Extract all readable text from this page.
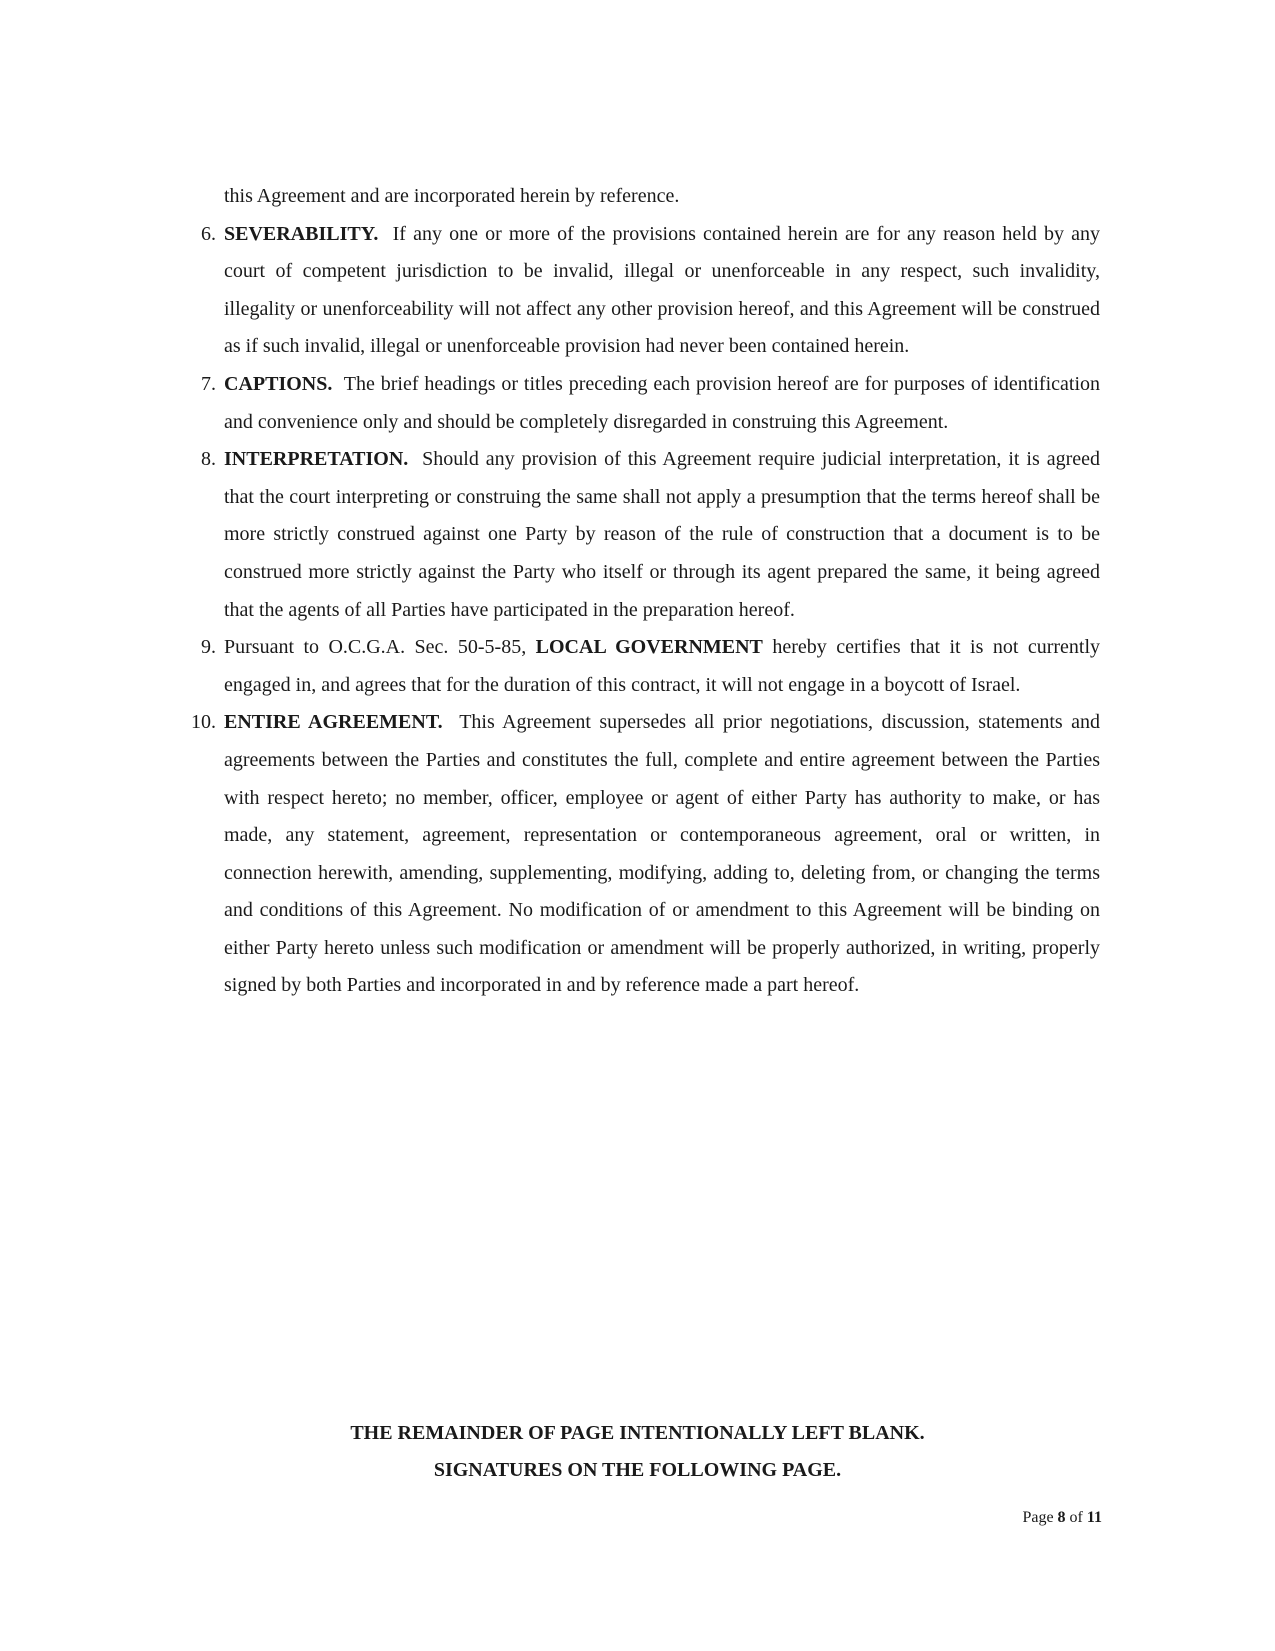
this Agreement and are incorporated herein by reference.
6. SEVERABILITY. If any one or more of the provisions contained herein are for any reason held by any court of competent jurisdiction to be invalid, illegal or unenforceable in any respect, such invalidity, illegality or unenforceability will not affect any other provision hereof, and this Agreement will be construed as if such invalid, illegal or unenforceable provision had never been contained herein.
7. CAPTIONS. The brief headings or titles preceding each provision hereof are for purposes of identification and convenience only and should be completely disregarded in construing this Agreement.
8. INTERPRETATION. Should any provision of this Agreement require judicial interpretation, it is agreed that the court interpreting or construing the same shall not apply a presumption that the terms hereof shall be more strictly construed against one Party by reason of the rule of construction that a document is to be construed more strictly against the Party who itself or through its agent prepared the same, it being agreed that the agents of all Parties have participated in the preparation hereof.
9. Pursuant to O.C.G.A. Sec. 50-5-85, LOCAL GOVERNMENT hereby certifies that it is not currently engaged in, and agrees that for the duration of this contract, it will not engage in a boycott of Israel.
10. ENTIRE AGREEMENT. This Agreement supersedes all prior negotiations, discussion, statements and agreements between the Parties and constitutes the full, complete and entire agreement between the Parties with respect hereto; no member, officer, employee or agent of either Party has authority to make, or has made, any statement, agreement, representation or contemporaneous agreement, oral or written, in connection herewith, amending, supplementing, modifying, adding to, deleting from, or changing the terms and conditions of this Agreement. No modification of or amendment to this Agreement will be binding on either Party hereto unless such modification or amendment will be properly authorized, in writing, properly signed by both Parties and incorporated in and by reference made a part hereof.
THE REMAINDER OF PAGE INTENTIONALLY LEFT BLANK.
SIGNATURES ON THE FOLLOWING PAGE.
Page 8 of 11
